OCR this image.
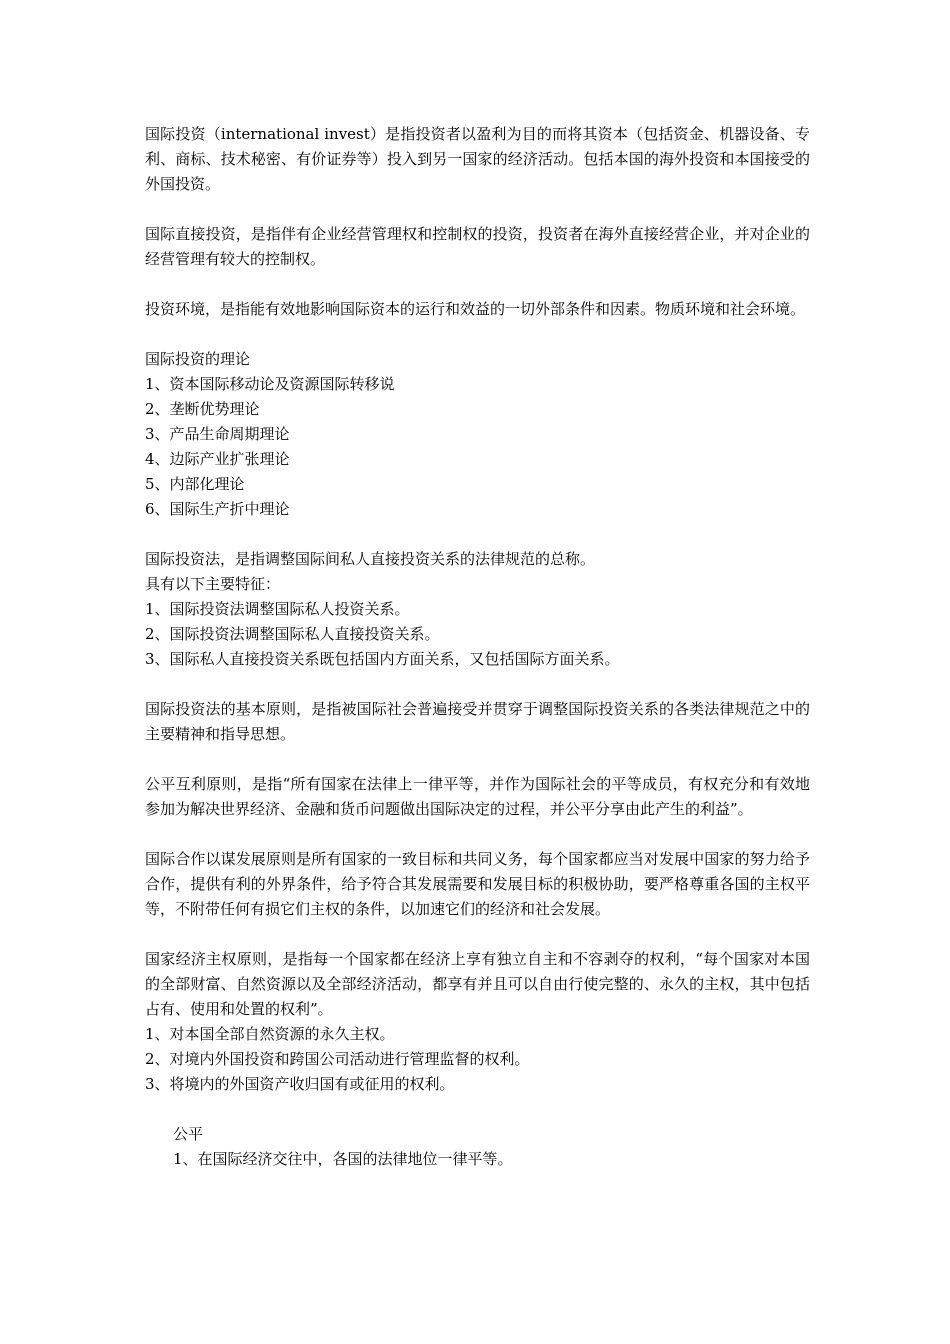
国际投资（international invest）是指投资者以盈利为目的而将其资本（包括资金、机器设备、专利、商标、技术秘密、有价证券等）投入到另一国家的经济活动。包括本国的海外投资和本国接受的外国投资。

国际直接投资，是指伴有企业经营管理权和控制权的投资，投资者在海外直接经营企业，并对企业的经营管理有较大的控制权。

投资环境，是指能有效地影响国际资本的运行和效益的一切外部条件和因素。物质环境和社会环境。

国际投资的理论

1、资本国际移动论及资源国际转移说

2、垄断优势理论

3、产品生命周期理论

4、边际产业扩张理论

5、内部化理论

6、国际生产折中理论

国际投资法，是指调整国际间私人直接投资关系的法律规范的总称。

具有以下主要特征：

1、国际投资法调整国际私人投资关系。

2、国际投资法调整国际私人直接投资关系。

3、国际私人直接投资关系既包括国内方面关系，又包括国际方面关系。

国际投资法的基本原则，是指被国际社会普遍接受并贯穿于调整国际投资关系的各类法律规范之中的主要精神和指导思想。

公平互利原则，是指“所有国家在法律上一律平等，并作为国际社会的平等成员，有权充分和有效地参加为解决世界经济、金融和货币问题做出国际决定的过程，并公平分享由此产生的利益”。

国际合作以谋发展原则是所有国家的一致目标和共同义务，每个国家都应当对发展中国家的努力给予合作，提供有利的外界条件，给予符合其发展需要和发展目标的积极协助，要严格尊重各国的主权平等，不附带任何有损它们主权的条件，以加速它们的经济和社会发展。

国家经济主权原则，是指每一个国家都在经济上享有独立自主和不容剥夺的权利，“每个国家对本国的全部财富、自然资源以及全部经济活动，都享有并且可以自由行使完整的、永久的主权，其中包括占有、使用和处置的权利”。

1、对本国全部自然资源的永久主权。

2、对境内外国投资和跨国公司活动进行管理监督的权利。

3、将境内的外国资产收归国有或征用的权利。

公平

1、在国际经济交往中，各国的法律地位一律平等。
